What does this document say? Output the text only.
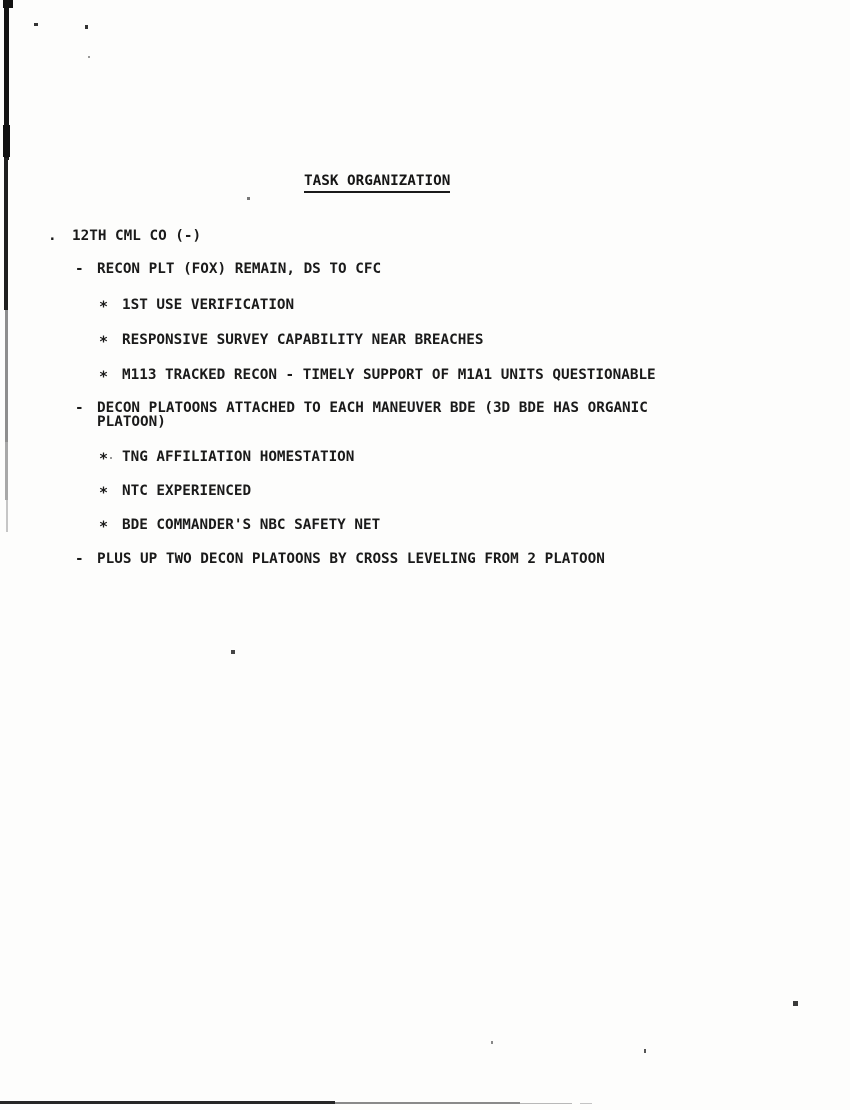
TASK ORGANIZATION
. 12TH CML CO (-)
- RECON PLT (FOX) REMAIN, DS TO CFC
* 1ST USE VERIFICATION
* RESPONSIVE SURVEY CAPABILITY NEAR BREACHES
* M113 TRACKED RECON - TIMELY SUPPORT OF M1A1 UNITS QUESTIONABLE
- DECON PLATOONS ATTACHED TO EACH MANEUVER BDE (3D BDE HAS ORGANIC
PLATOON)
* TNG AFFILIATION HOMESTATION
* NTC EXPERIENCED
* BDE COMMANDER'S NBC SAFETY NET
- PLUS UP TWO DECON PLATOONS BY CROSS LEVELING FROM 2 PLATOON
